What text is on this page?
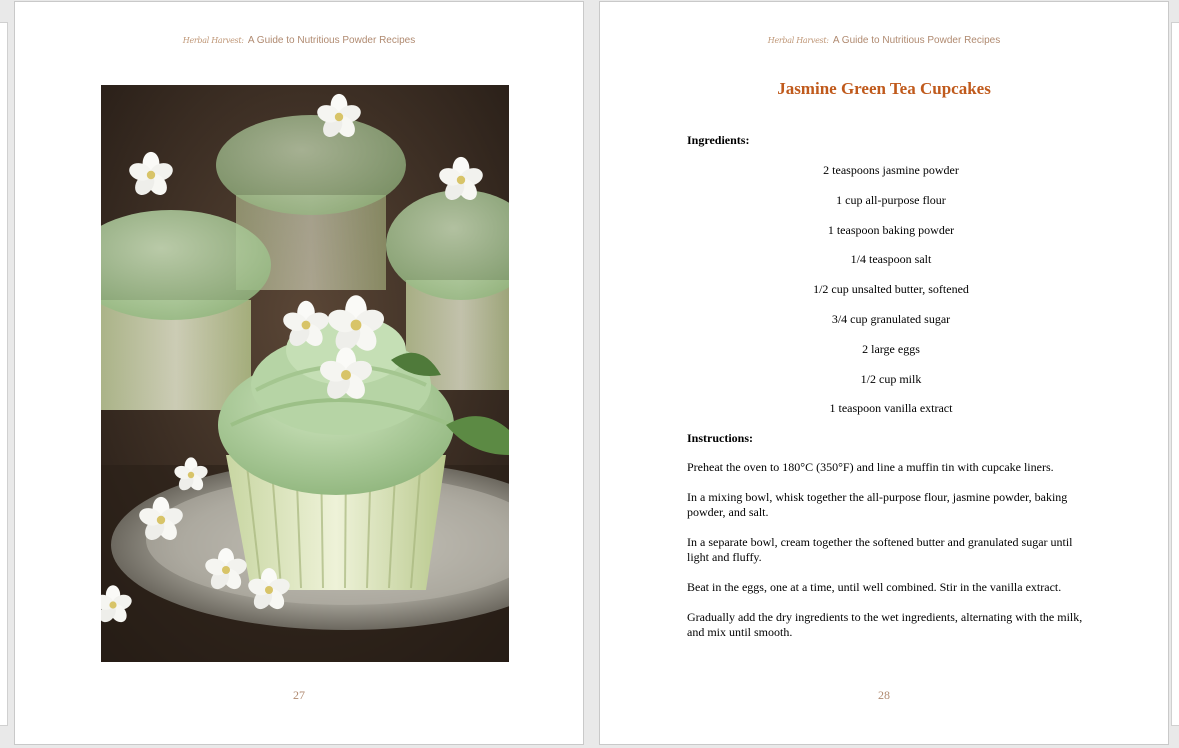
Herbal Harvest: A Guide to Nutritious Powder Recipes
27
Herbal Harvest: A Guide to Nutritious Powder Recipes
Jasmine Green Tea Cupcakes
Ingredients:
2 teaspoons jasmine powder
1 cup all-purpose flour
1 teaspoon baking powder
1/4 teaspoon salt
1/2 cup unsalted butter, softened
3/4 cup granulated sugar
2 large eggs
1/2 cup milk
1 teaspoon vanilla extract
Instructions:
Preheat the oven to 180°C (350°F) and line a muffin tin with cupcake liners.
In a mixing bowl, whisk together the all-purpose flour, jasmine powder, baking powder, and salt.
In a separate bowl, cream together the softened butter and granulated sugar until light and fluffy.
Beat in the eggs, one at a time, until well combined. Stir in the vanilla extract.
Gradually add the dry ingredients to the wet ingredients, alternating with the milk, and mix until smooth.
28
